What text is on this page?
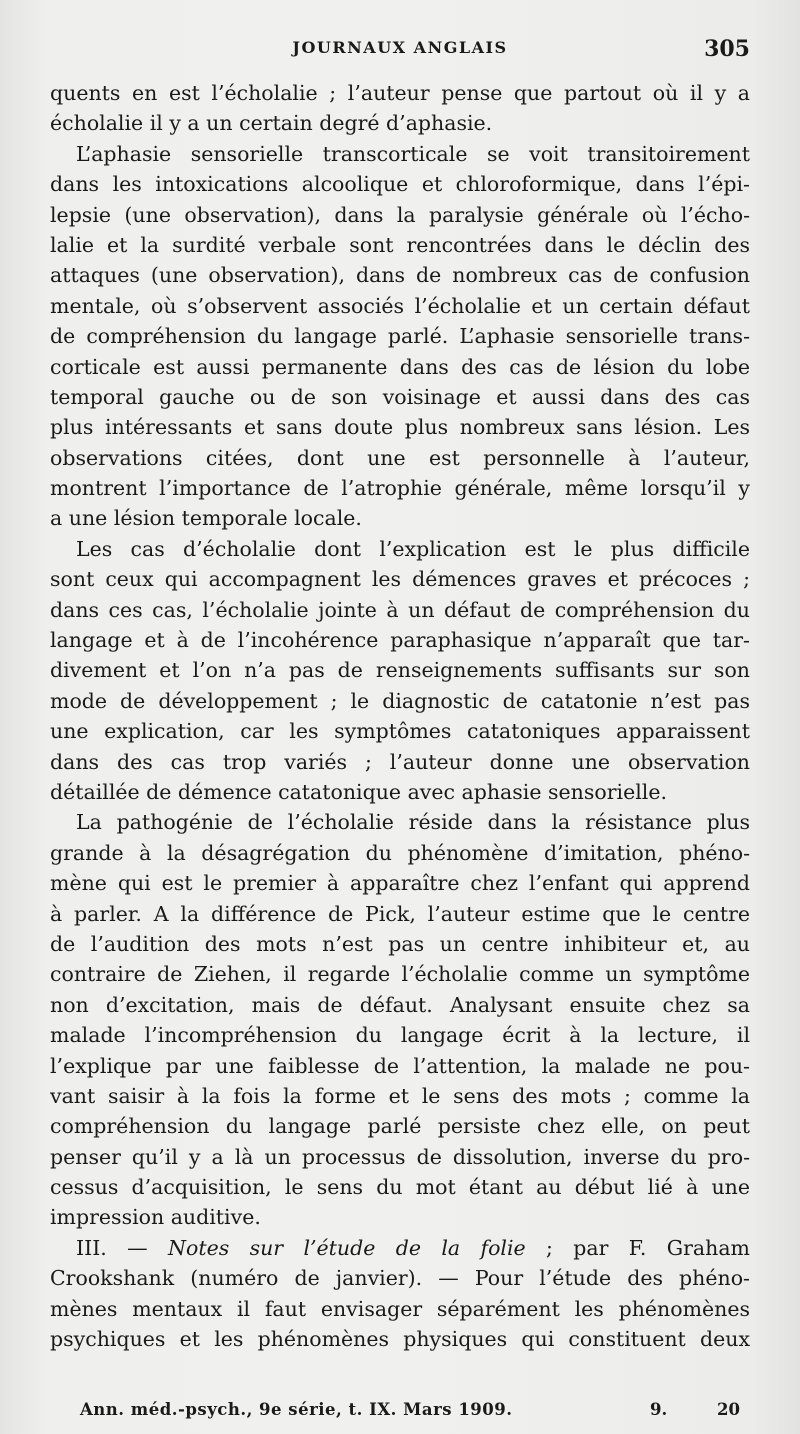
JOURNAUX ANGLAIS	305
quents en est l’écholalie ; l’auteur pense que partout où il y a
écholalie il y a un certain degré d’aphasie.
L’aphasie sensorielle transcorticale se voit transitoirement
dans les intoxications alcoolique et chloroformique, dans l’épi-
lepsie (une observation), dans la paralysie générale où l’écho-
lalie et la surdité verbale sont rencontrées dans le déclin des
attaques (une observation), dans de nombreux cas de confusion
mentale, où s’observent associés l’écholalie et un certain défaut
de compréhension du langage parlé. L’aphasie sensorielle trans-
corticale est aussi permanente dans des cas de lésion du lobe
temporal gauche ou de son voisinage et aussi dans des cas
plus intéressants et sans doute plus nombreux sans lésion. Les
observations citées, dont une est personnelle à l’auteur,
montrent l’importance de l’atrophie générale, même lorsqu’il y
a une lésion temporale locale.
Les cas d’écholalie dont l’explication est le plus difficile
sont ceux qui accompagnent les démences graves et précoces ;
dans ces cas, l’écholalie jointe à un défaut de compréhension du
langage et à de l’incohérence paraphasique n’apparaît que tar-
divement et l’on n’a pas de renseignements suffisants sur son
mode de développement ; le diagnostic de catatonie n’est pas
une explication, car les symptômes catatoniques apparaissent
dans des cas trop variés ; l’auteur donne une observation
détaillée de démence catatonique avec aphasie sensorielle.
La pathogénie de l’écholalie réside dans la résistance plus
grande à la désagrégation du phénomène d’imitation, phéno-
mène qui est le premier à apparaître chez l’enfant qui apprend
à parler. A la différence de Pick, l’auteur estime que le centre
de l’audition des mots n’est pas un centre inhibiteur et, au
contraire de Ziehen, il regarde l’écholalie comme un symptôme
non d’excitation, mais de défaut. Analysant ensuite chez sa
malade l’incompréhension du langage écrit à la lecture, il
l’explique par une faiblesse de l’attention, la malade ne pou-
vant saisir à la fois la forme et le sens des mots ; comme la
compréhension du langage parlé persiste chez elle, on peut
penser qu’il y a là un processus de dissolution, inverse du pro-
cessus d’acquisition, le sens du mot étant au début lié à une
impression auditive.
III. — Notes sur l’étude de la folie ; par F. Graham
Crookshank (numéro de janvier). — Pour l’étude des phéno-
mènes mentaux il faut envisager séparément les phénomènes
psychiques et les phénomènes physiques qui constituent deux
Ann. méd.-psych., 9e série, t. IX. Mars 1909.	9.	20
